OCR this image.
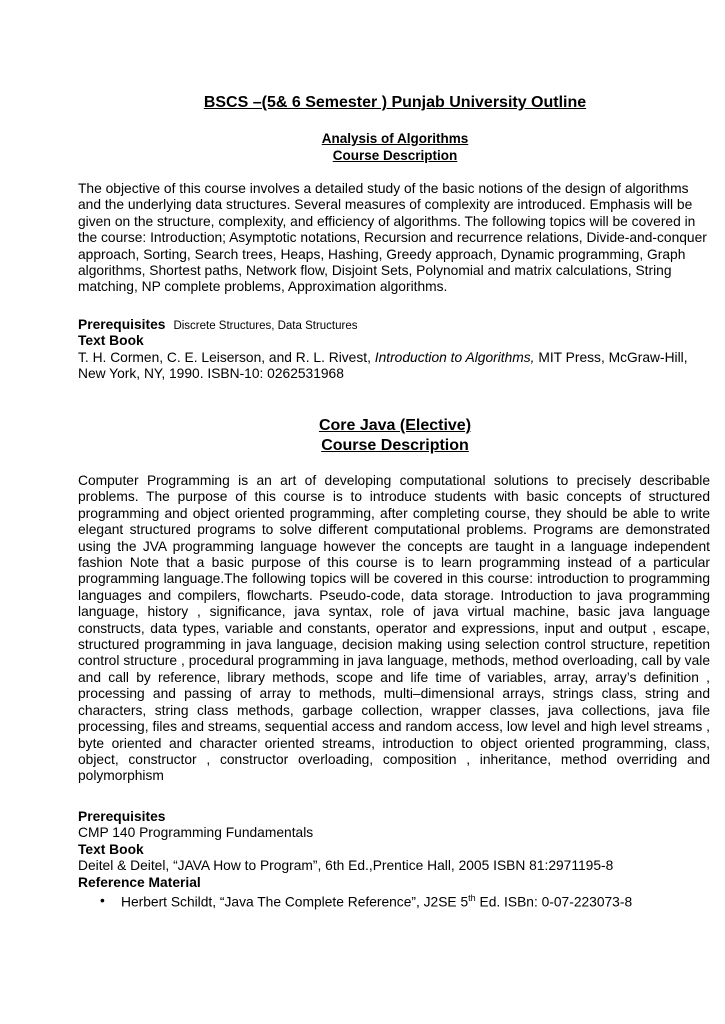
BSCS –(5& 6 Semester ) Punjab University Outline
Analysis of Algorithms
Course Description
The objective of this course involves a detailed study of the basic notions of the design of algorithms and the underlying data structures. Several measures of complexity are introduced. Emphasis will be given on the structure, complexity, and efficiency of algorithms. The following topics will be covered in the course: Introduction; Asymptotic notations, Recursion and recurrence relations, Divide-and-conquer approach, Sorting, Search trees, Heaps, Hashing, Greedy approach, Dynamic programming, Graph algorithms, Shortest paths, Network flow, Disjoint Sets, Polynomial and matrix calculations, String matching, NP complete problems, Approximation algorithms.
Prerequisites Discrete Structures, Data Structures
Text Book
T. H. Cormen, C. E. Leiserson, and R. L. Rivest, Introduction to Algorithms, MIT Press, McGraw-Hill, New York, NY, 1990. ISBN-10: 0262531968
Core Java (Elective)
Course Description
Computer Programming is an art of developing computational solutions to precisely describable problems. The purpose of this course is to introduce students with basic concepts of structured programming and object oriented programming, after completing course, they should be able to write elegant structured programs to solve different computational problems. Programs are demonstrated using the JVA programming language however the concepts are taught in a language independent fashion Note that a basic purpose of this course is to learn programming instead of a particular programming language.The following topics will be covered in this course: introduction to programming languages and compilers, flowcharts. Pseudo-code, data storage. Introduction to java programming language, history , significance, java syntax, role of java virtual machine, basic java language constructs, data types, variable and constants, operator and expressions, input and output , escape, structured programming in java language, decision making using selection control structure, repetition control structure , procedural programming in java language, methods, method overloading, call by vale and call by reference, library methods, scope and life time of variables, array, array’s definition , processing and passing of array to methods, multi–dimensional arrays, strings class, string and characters, string class methods, garbage collection, wrapper classes, java collections, java file processing, files and streams, sequential access and random access, low level and high level streams , byte oriented and character oriented streams, introduction to object oriented programming, class, object, constructor , constructor overloading, composition , inheritance, method overriding and polymorphism
Prerequisites
CMP 140 Programming Fundamentals
Text Book
Deitel & Deitel, “JAVA How to Program”, 6th Ed.,Prentice Hall, 2005 ISBN 81:2971195-8
Reference Material
• Herbert Schildt, “Java The Complete Reference”, J2SE 5th Ed. ISBn: 0-07-223073-8
